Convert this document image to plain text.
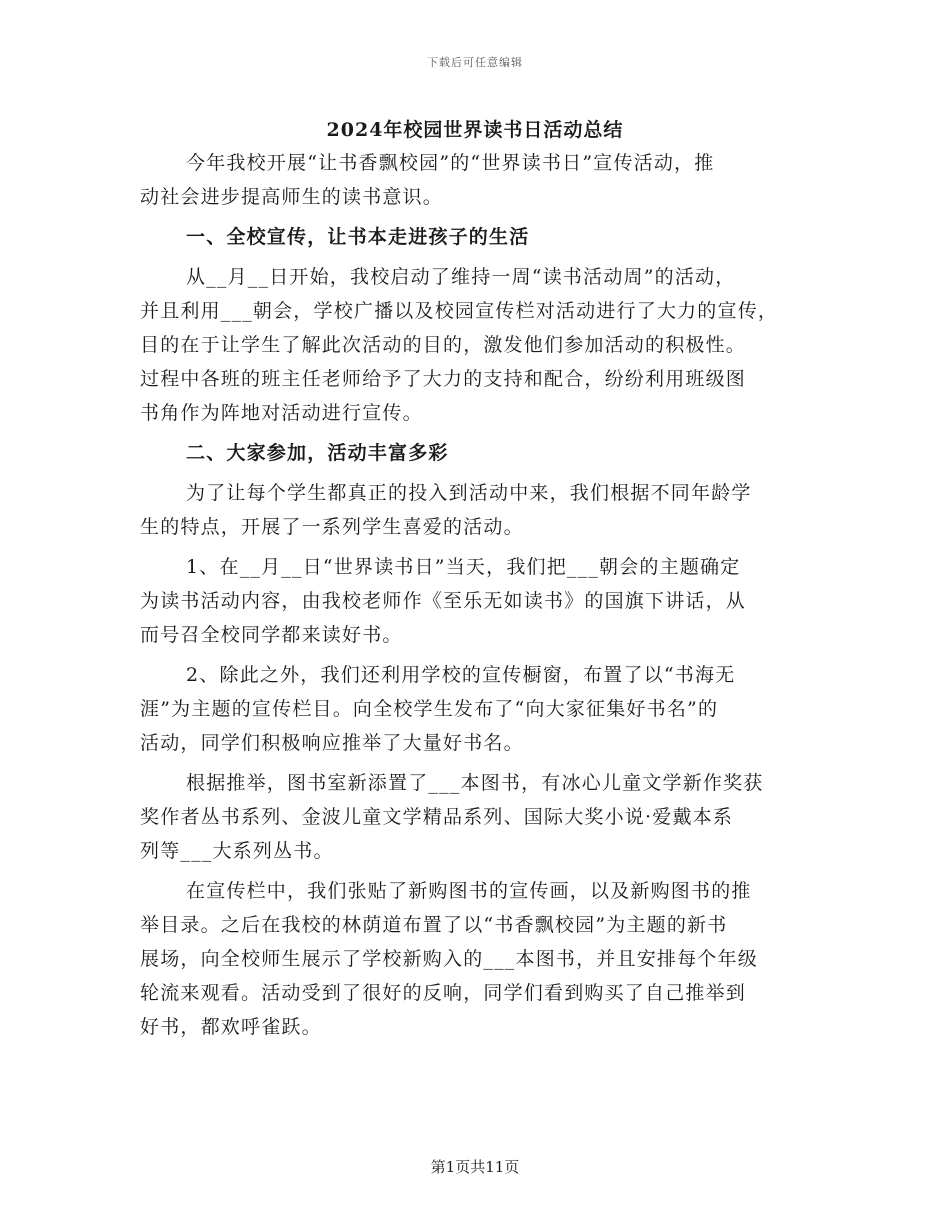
下载后可任意编辑
2024年校园世界读书日活动总结
今年我校开展“让书香飘校园”的“世界读书日”宣传活动，推
动社会进步提高师生的读书意识。
一、全校宣传，让书本走进孩子的生活
从__月__日开始，我校启动了维持一周“读书活动周”的活动，
并且利用___朝会，学校广播以及校园宣传栏对活动进行了大力的宣传，
目的在于让学生了解此次活动的目的，激发他们参加活动的积极性。
过程中各班的班主任老师给予了大力的支持和配合，纷纷利用班级图
书角作为阵地对活动进行宣传。
二、大家参加，活动丰富多彩
为了让每个学生都真正的投入到活动中来，我们根据不同年龄学
生的特点，开展了一系列学生喜爱的活动。
1、在__月__日“世界读书日”当天，我们把___朝会的主题确定
为读书活动内容，由我校老师作《至乐无如读书》的国旗下讲话，从
而号召全校同学都来读好书。
2、除此之外，我们还利用学校的宣传橱窗，布置了以“书海无
涯”为主题的宣传栏目。向全校学生发布了“向大家征集好书名”的
活动，同学们积极响应推举了大量好书名。
根据推举，图书室新添置了___本图书，有冰心儿童文学新作奖获
奖作者丛书系列、金波儿童文学精品系列、国际大奖小说·爱戴本系
列等___大系列丛书。
在宣传栏中，我们张贴了新购图书的宣传画，以及新购图书的推
举目录。之后在我校的林荫道布置了以“书香飘校园”为主题的新书
展场，向全校师生展示了学校新购入的___本图书，并且安排每个年级
轮流来观看。活动受到了很好的反响，同学们看到购买了自己推举到
好书，都欢呼雀跃。
第1页共11页
